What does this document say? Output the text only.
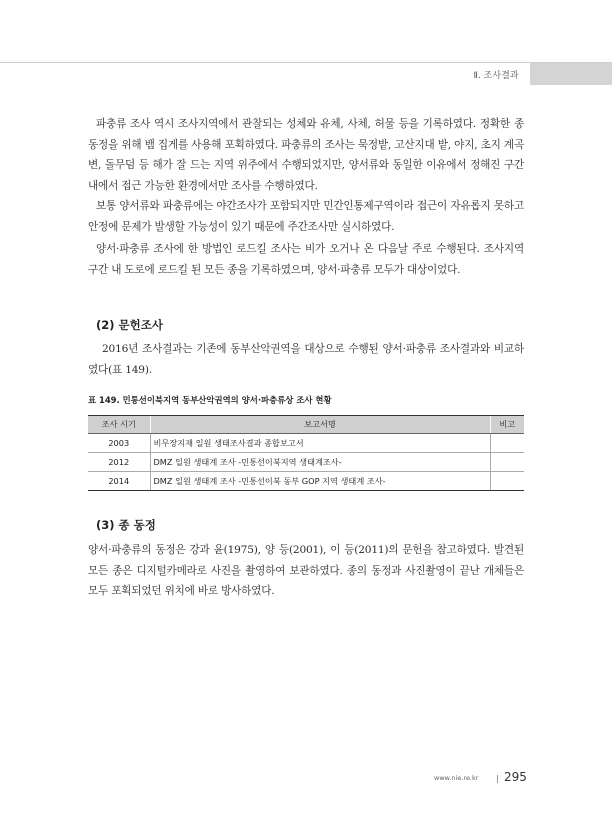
Ⅱ. 조사결과

파충류 조사 역시 조사지역에서 관찰되는 성체와 유체, 사체, 허물 등을 기록하였다. 정확한 종 동정을 위해 뱀 집게를 사용해 포획하였다. 파충류의 조사는 묵정밭, 고산지대 밭, 야지, 초지 계곡 변, 돌무덤 등 해가 잘 드는 지역 위주에서 수행되었지만, 양서류와 동일한 이유에서 정해진 구간 내에서 접근 가능한 환경에서만 조사를 수행하였다.

보통 양서류와 파충류에는 야간조사가 포함되지만 민간인통제구역이라 접근이 자유롭지 못하고 안정에 문제가 발생할 가능성이 있기 때문에 주간조사만 실시하였다.

양서·파충류 조사에 한 방법인 로드킬 조사는 비가 오거나 온 다음날 주로 수행된다. 조사지역 구간 내 도로에 로드킬 된 모든 종을 기록하였으며, 양서·파충류 모두가 대상이었다.

(2) 문헌조사

2016년 조사결과는 기존에 동부산악권역을 대상으로 수행된 양서·파충류 조사결과와 비교하였다(표 149).

표 149. 민통선이북지역 동부산악권역의 양서·파충류상 조사 현황

조사 시기	보고서명	비고
2003	비무장지재 일원 생태조사결과 종합보고서	
2012	DMZ 일원 생태계 조사 -민통선이북지역 생태계조사-	
2014	DMZ 일원 생태계 조사 -민통선이북 동부 GOP 지역 생태계 조사-	
(3) 종 동정

양서·파충류의 동정은 강과 윤(1975), 양 등(2001), 이 등(2011)의 문헌을 참고하였다. 발견된 모든 종은 디지털카메라로 사진을 촬영하여 보관하였다. 종의 동정과 사진촬영이 끝난 개체들은 모두 포획되었던 위치에 바로 방사하였다.

www.nie.re.kr 295
